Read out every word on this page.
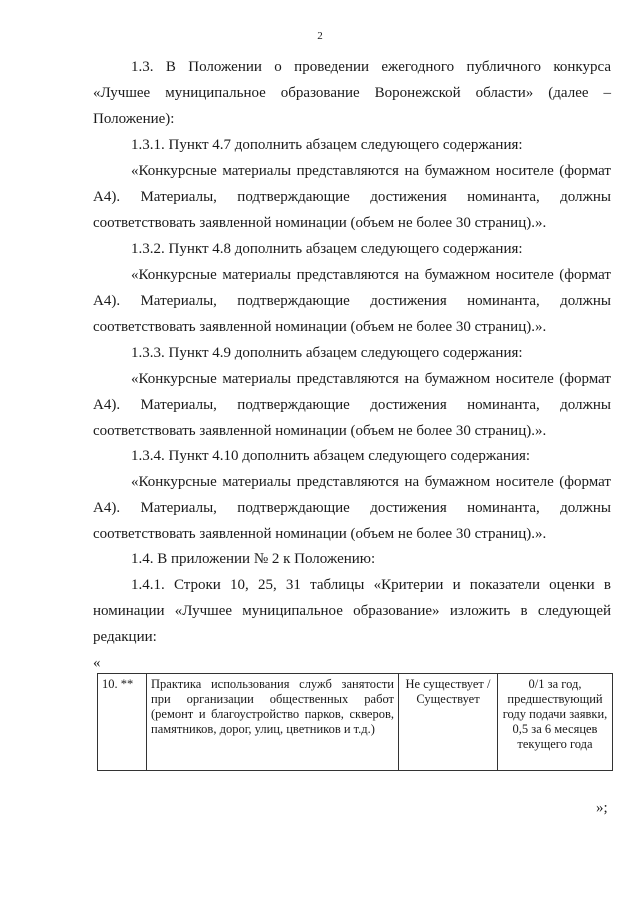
2

1.3. В Положении о проведении ежегодного публичного конкурса «Лучшее муниципальное образование Воронежской области» (далее – Положение):

1.3.1. Пункт 4.7 дополнить абзацем следующего содержания:

«Конкурсные материалы представляются на бумажном носителе (формат А4). Материалы, подтверждающие достижения номинанта, должны соответствовать заявленной номинации (объем не более 30 страниц).».

1.3.2. Пункт 4.8 дополнить абзацем следующего содержания:

«Конкурсные материалы представляются на бумажном носителе (формат А4). Материалы, подтверждающие достижения номинанта, должны соответствовать заявленной номинации (объем не более 30 страниц).».

1.3.3. Пункт 4.9 дополнить абзацем следующего содержания:

«Конкурсные материалы представляются на бумажном носителе (формат А4). Материалы, подтверждающие достижения номинанта, должны соответствовать заявленной номинации (объем не более 30 страниц).».

1.3.4. Пункт 4.10 дополнить абзацем следующего содержания:

«Конкурсные материалы представляются на бумажном носителе (формат А4). Материалы, подтверждающие достижения номинанта, должны соответствовать заявленной номинации (объем не более 30 страниц).».

1.4. В приложении № 2 к Положению:

1.4.1. Строки 10, 25, 31 таблицы «Критерии и показатели оценки в номинации «Лучшее муниципальное образование» изложить в следующей редакции:

«
10. **	Практика использования служб занятости при организации общественных работ (ремонт и благоустройство парков, скверов, памятников, дорог, улиц, цветников и т.д.)	Не существует / Существует	0/1 за год, предшествующий году подачи заявки, 0,5 за 6 месяцев текущего года
»;
